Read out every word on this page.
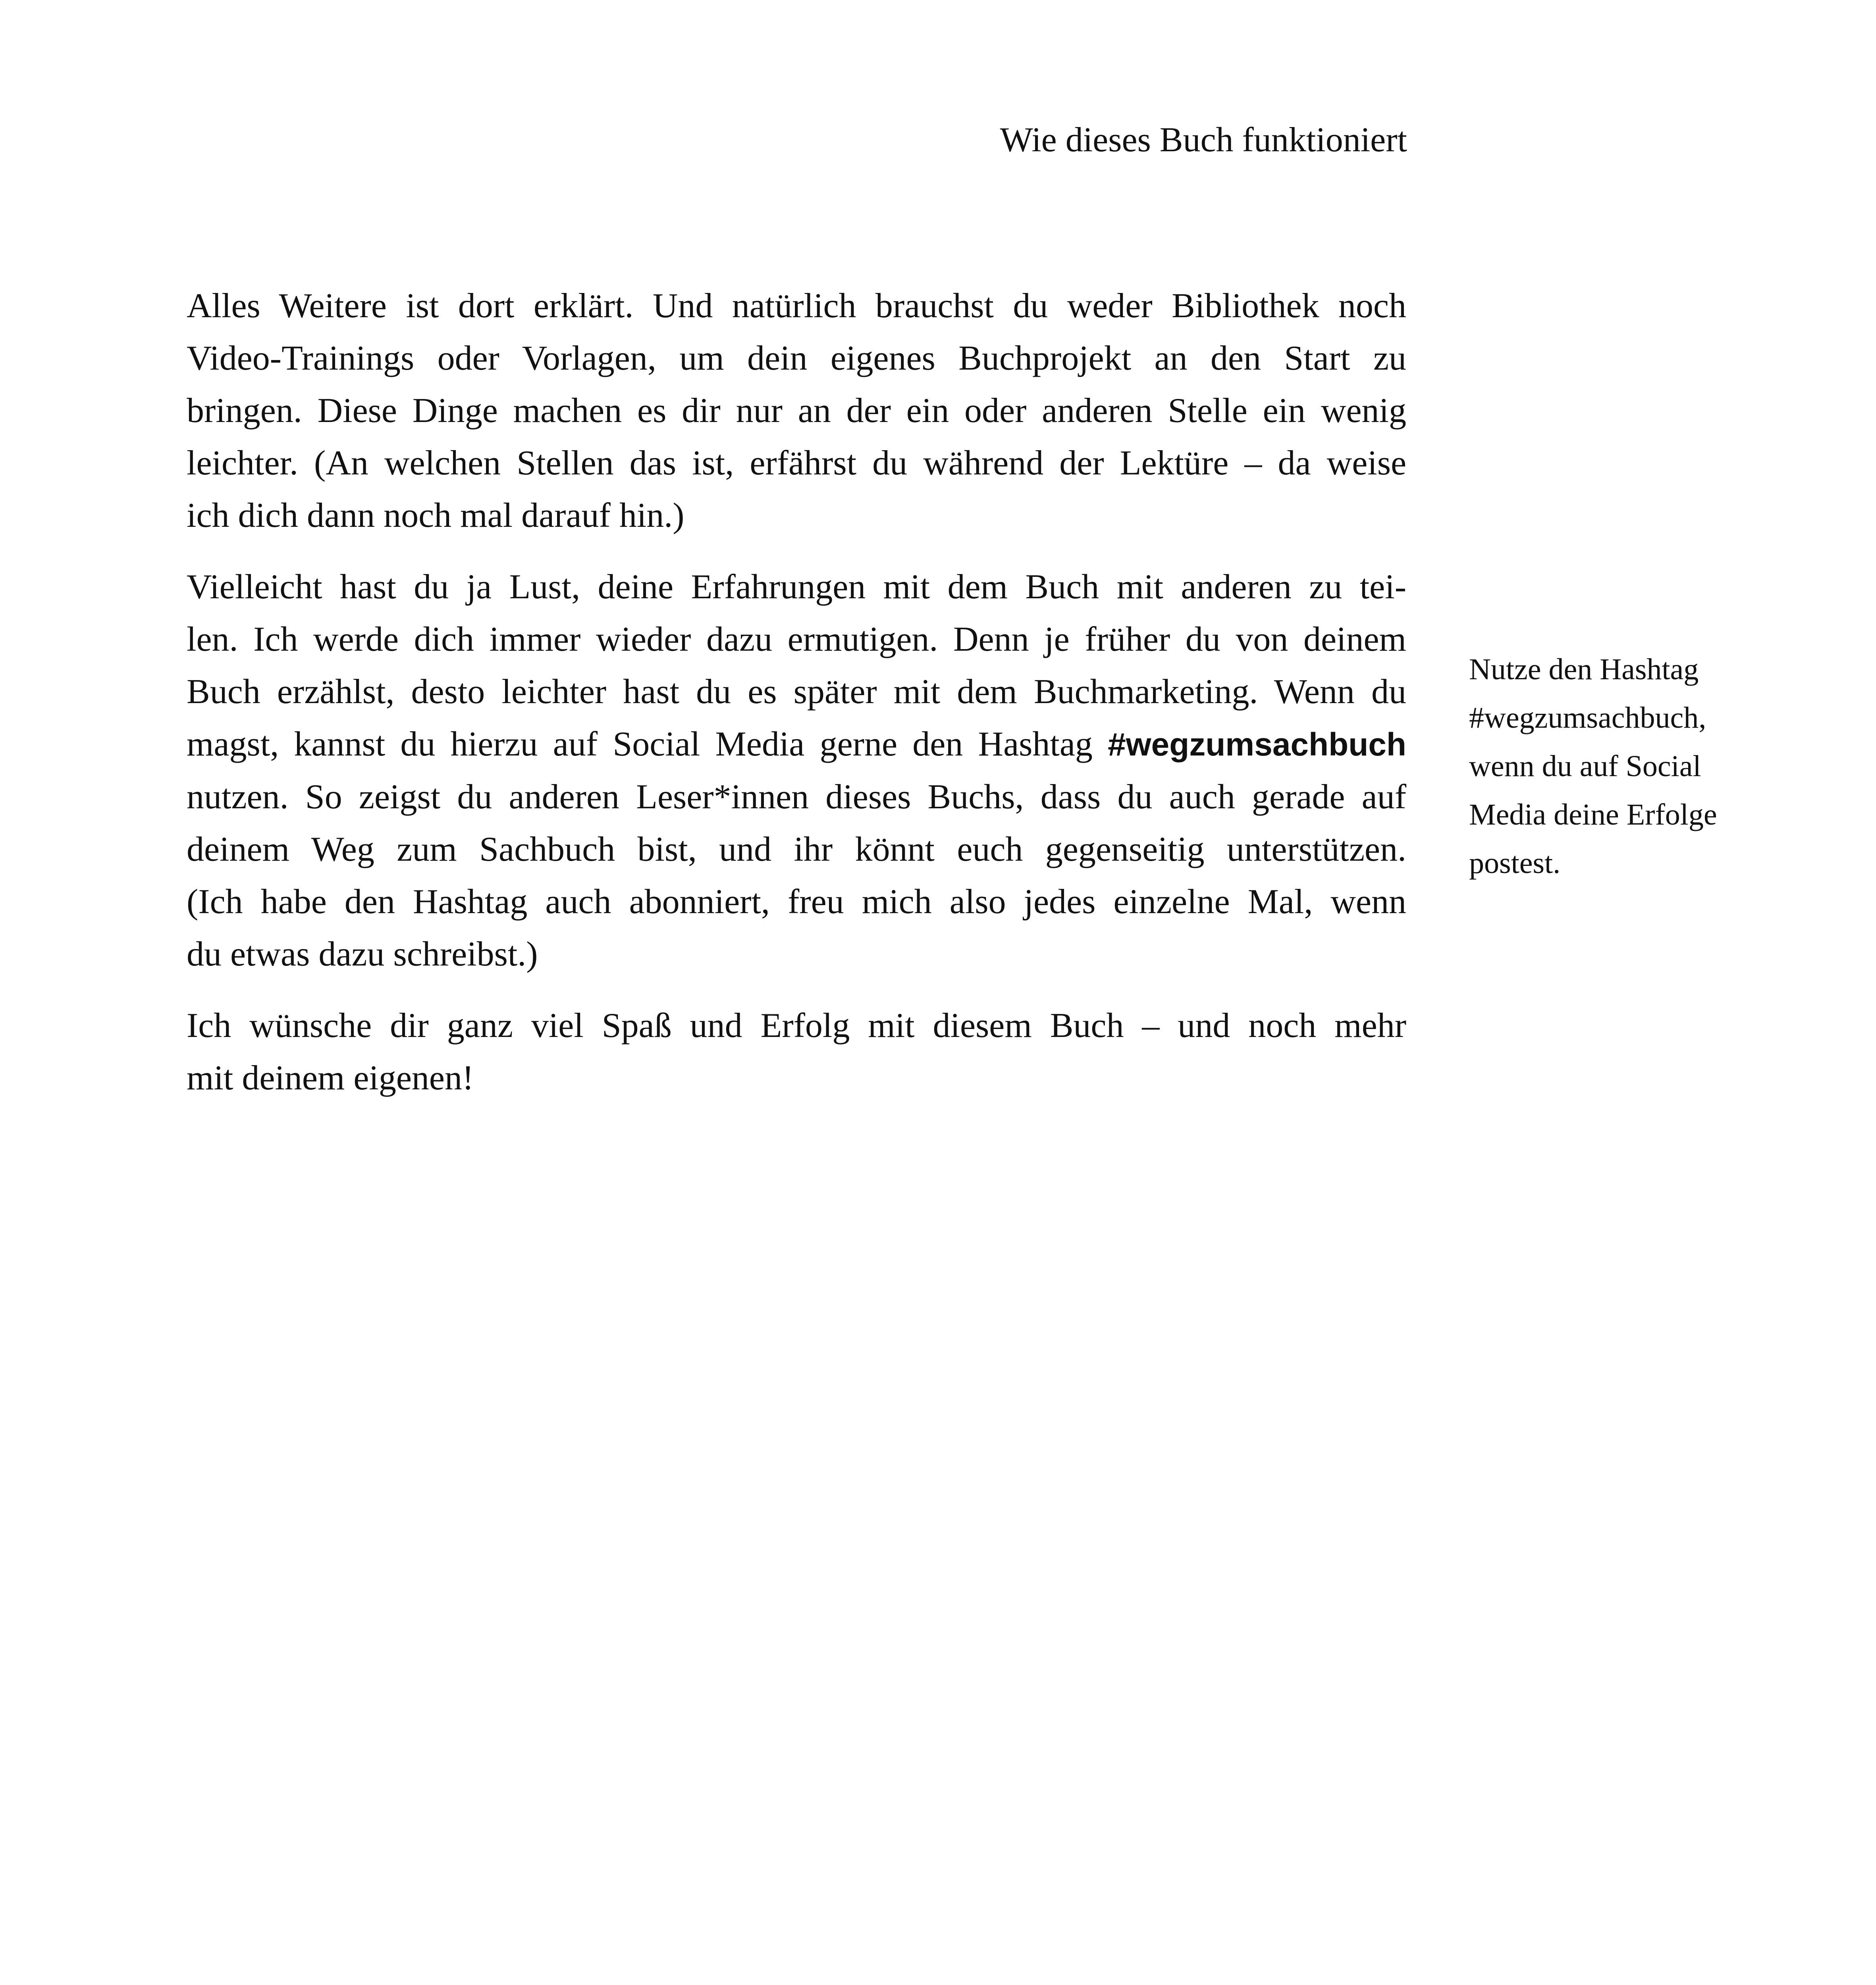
Wie dieses Buch funktioniert

Alles Weitere ist dort erklärt. Und natürlich brauchst du weder Bibliothek noch
Video-Trainings oder Vorlagen, um dein eigenes Buchprojekt an den Start zu
bringen. Diese Dinge machen es dir nur an der ein oder anderen Stelle ein wenig
leichter. (An welchen Stellen das ist, erfährst du während der Lektüre – da weise
ich dich dann noch mal darauf hin.)

Vielleicht hast du ja Lust, deine Erfahrungen mit dem Buch mit anderen zu tei-
len. Ich werde dich immer wieder dazu ermutigen. Denn je früher du von deinem
Buch erzählst, desto leichter hast du es später mit dem Buchmarketing. Wenn du
magst, kannst du hierzu auf Social Media gerne den Hashtag #wegzumsachbuch
nutzen. So zeigst du anderen Leser*innen dieses Buchs, dass du auch gerade auf
deinem Weg zum Sachbuch bist, und ihr könnt euch gegenseitig unterstützen.
(Ich habe den Hashtag auch abonniert, freu mich also jedes einzelne Mal, wenn
du etwas dazu schreibst.)

Ich wünsche dir ganz viel Spaß und Erfolg mit diesem Buch – und noch mehr
mit deinem eigenen!

Nutze den Hashtag
#wegzumsachbuch,
wenn du auf Social
Media deine Erfolge
postest.
